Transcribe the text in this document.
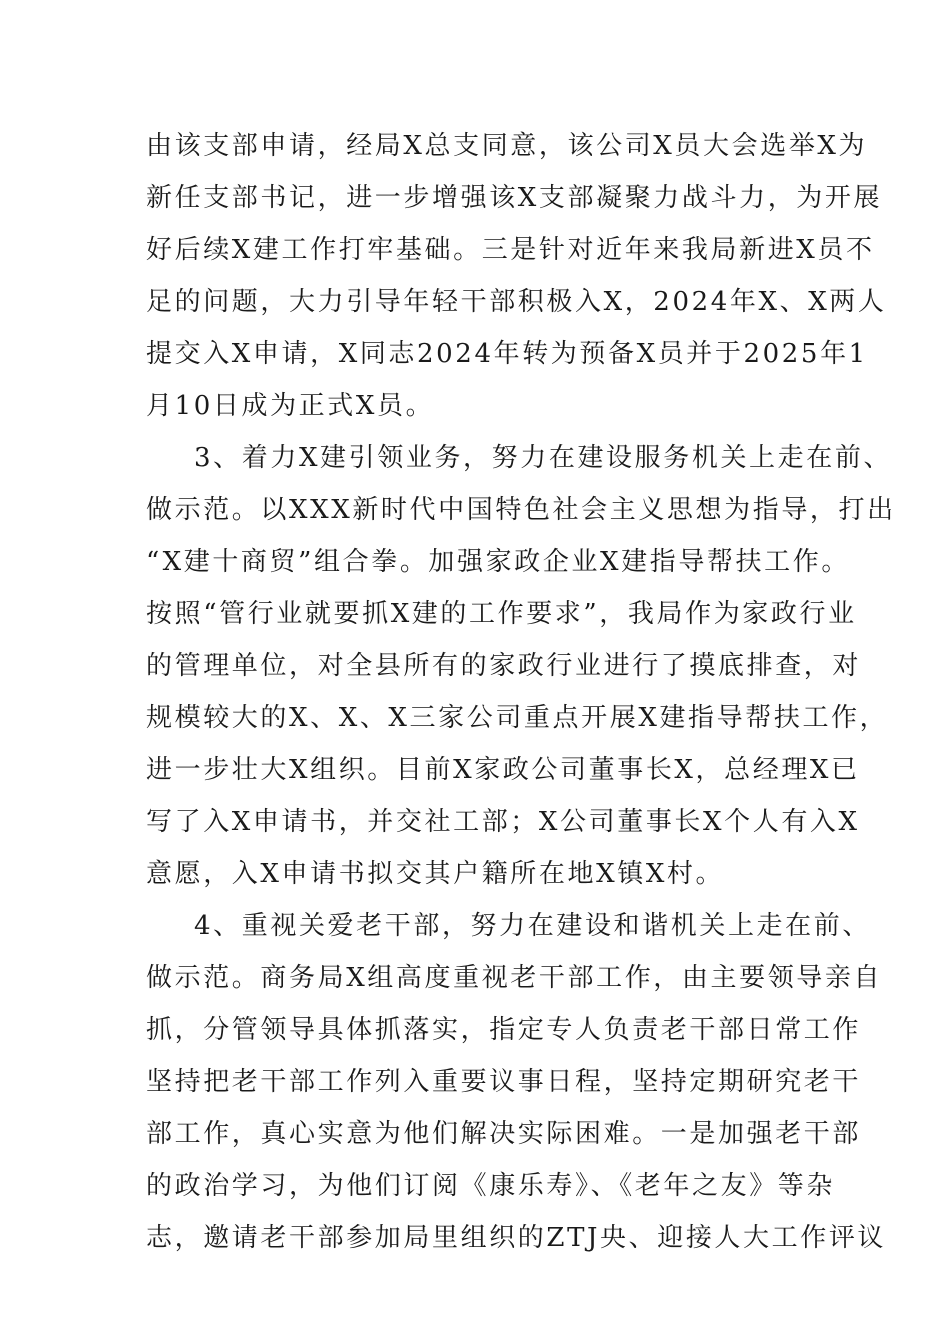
由该支部申请，经局X总支同意，该公司X员大会选举X为
新任支部书记，进一步增强该X支部凝聚力战斗力，为开展
好后续X建工作打牢基础。三是针对近年来我局新进X员不
足的问题，大力引导年轻干部积极入X，2024年X、X两人
提交入X申请，X同志2024年转为预备X员并于2025年1
月10日成为正式X员。
3、着力X建引领业务，努力在建设服务机关上走在前、
做示范。以XXX新时代中国特色社会主义思想为指导，打出
“X建十商贸”组合拳。加强家政企业X建指导帮扶工作。
按照“管行业就要抓X建的工作要求”，我局作为家政行业
的管理单位，对全县所有的家政行业进行了摸底排查，对
规模较大的X、X、X三家公司重点开展X建指导帮扶工作，
进一步壮大X组织。目前X家政公司董事长X，总经理X已
写了入X申请书，并交社工部；X公司董事长X个人有入X
意愿，入X申请书拟交其户籍所在地X镇X村。
4、重视关爱老干部，努力在建设和谐机关上走在前、
做示范。商务局X组高度重视老干部工作，由主要领导亲自
抓，分管领导具体抓落实，指定专人负责老干部日常工作
坚持把老干部工作列入重要议事日程，坚持定期研究老干
部工作，真心实意为他们解决实际困难。一是加强老干部
的政治学习，为他们订阅《康乐寿》、《老年之友》等杂
志，邀请老干部参加局里组织的ZTJ央、迎接人大工作评议
